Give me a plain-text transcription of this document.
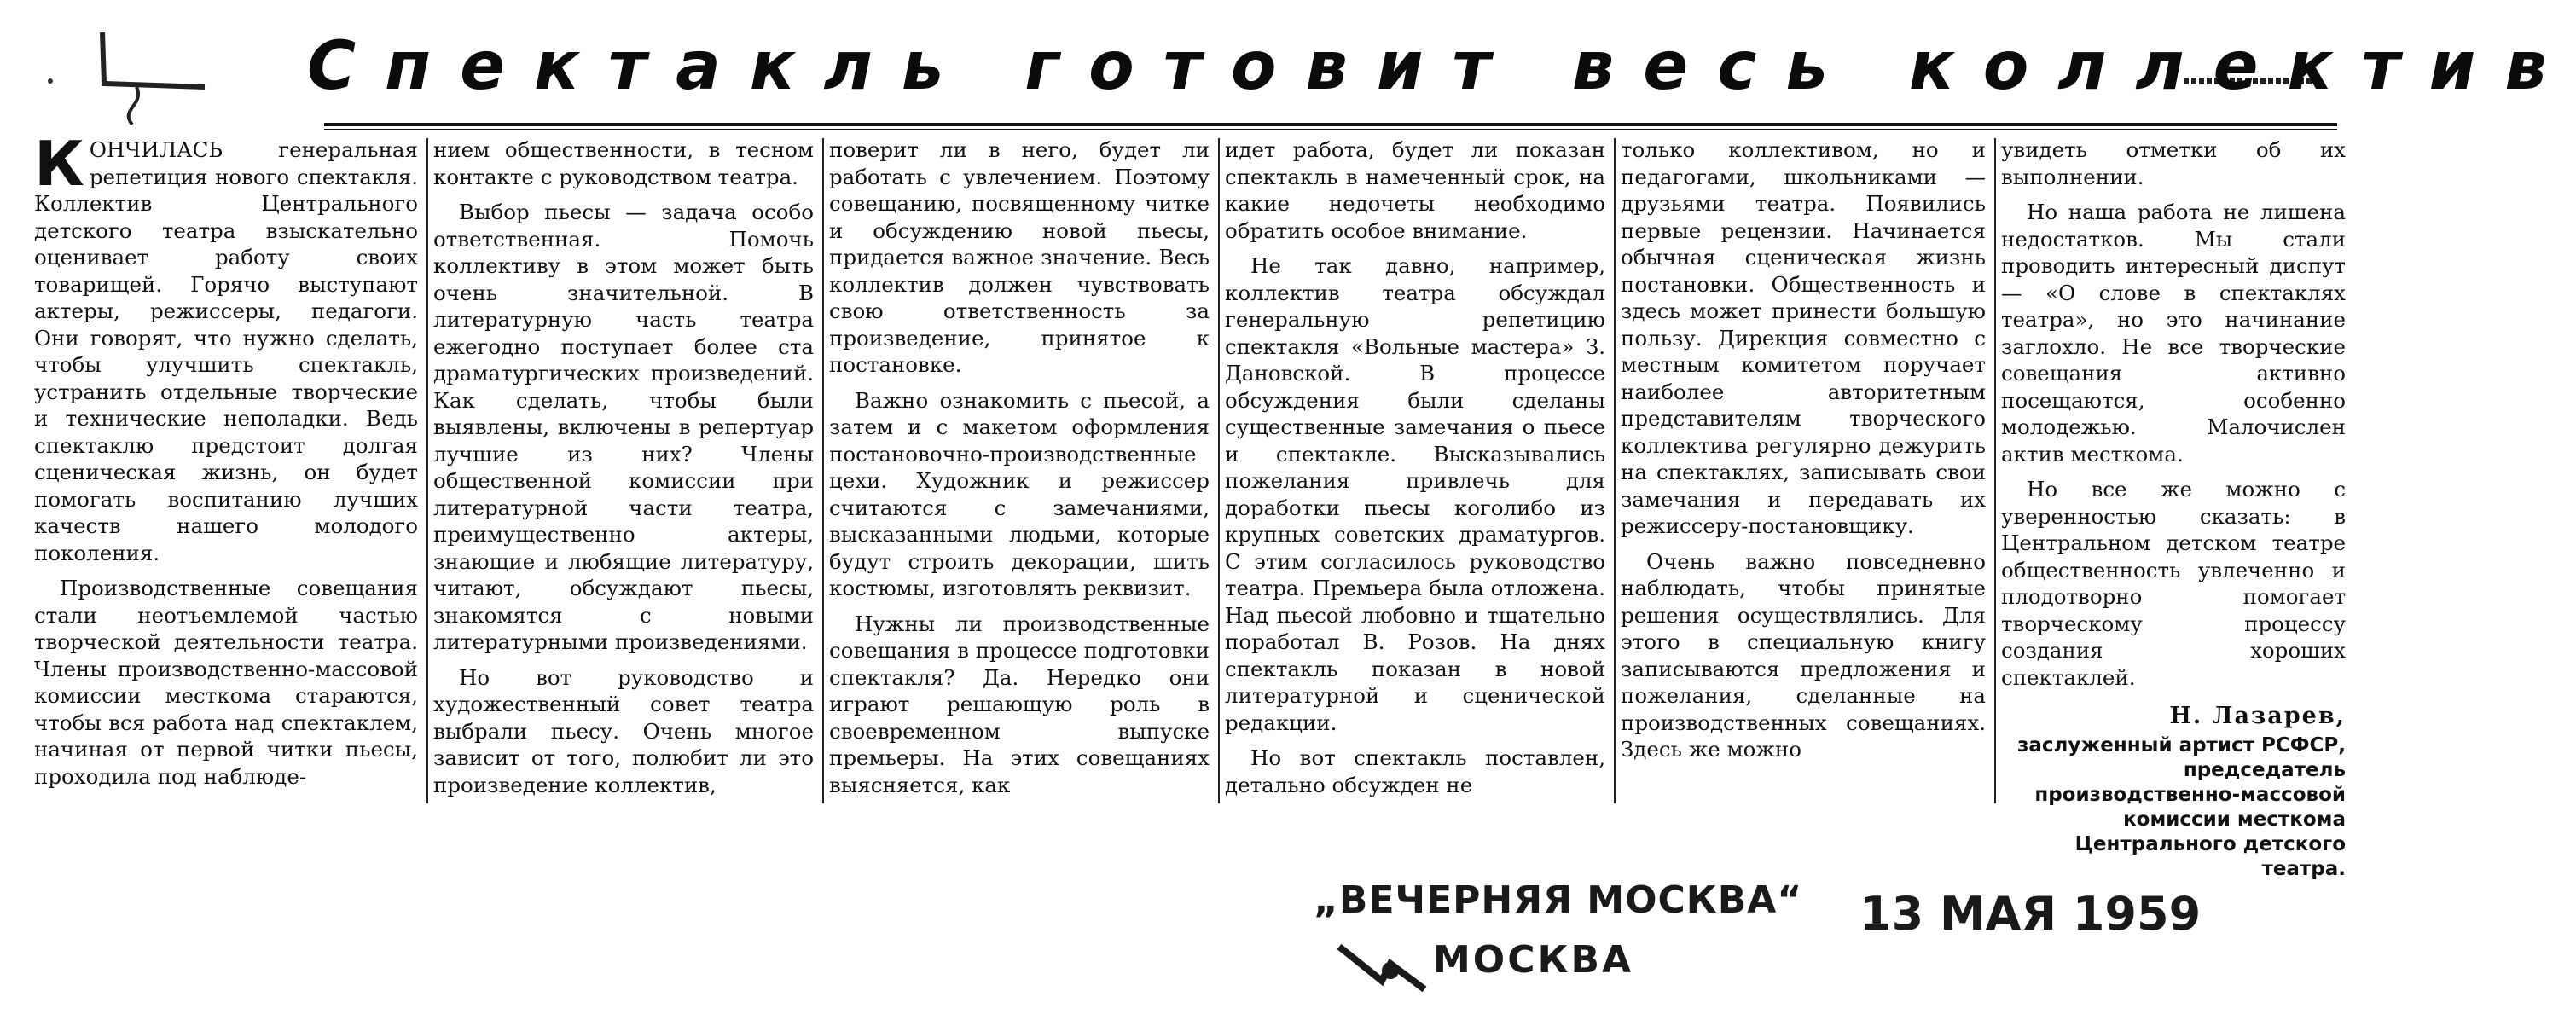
Спектакль готовит весь коллектив

КОНЧИЛАСЬ генеральная репетиция нового спектакля. Коллектив Центрального детского театра взыскательно оценивает работу своих товарищей. Горячо выступают актеры, режиссеры, педагоги. Они говорят, что нужно сделать, чтобы улучшить спектакль, устранить отдельные творческие и технические неполадки. Ведь спектаклю предстоит долгая сценическая жизнь, он будет помогать воспитанию лучших качеств нашего молодого поколения.

Производственные совещания стали неотъемлемой частью творческой деятельности театра. Члены производственно-массовой комиссии месткома стараются, чтобы вся работа над спектаклем, начиная от первой читки пьесы, проходила под наблюде-

нием общественности, в тесном контакте с руководством театра.

Выбор пьесы — задача особо ответственная. Помочь коллективу в этом может быть очень значительной. В литературную часть театра ежегодно поступает более ста драматургических произведений. Как сделать, чтобы были выявлены, включены в репертуар лучшие из них? Члены общественной комиссии при литературной части театра, преимущественно актеры, знающие и любящие литературу, читают, обсуждают пьесы, знакомятся с новыми литературными произведениями.

Но вот руководство и художественный совет театра выбрали пьесу. Очень многое зависит от того, полюбит ли это произведение коллектив,

поверит ли в него, будет ли работать с увлечением. Поэтому совещанию, посвященному читке и обсуждению новой пьесы, придается важное значение. Весь коллектив должен чувствовать свою ответственность за произведение, принятое к постановке.

Важно ознакомить с пьесой, а затем и с макетом оформления постановочно-производственные цехи. Художник и режиссер считаются с замечаниями, высказанными людьми, которые будут строить декорации, шить костюмы, изготовлять реквизит.

Нужны ли производственные совещания в процессе подготовки спектакля? Да. Нередко они играют решающую роль в своевременном выпуске премьеры. На этих совещаниях выясняется, как

идет работа, будет ли показан спектакль в намеченный срок, на какие недочеты необходимо обратить особое внимание.

Не так давно, например, коллектив театра обсуждал генеральную репетицию спектакля «Вольные мастера» З. Дановской. В процессе обсуждения были сделаны существенные замечания о пьесе и спектакле. Высказывались пожелания привлечь для доработки пьесы коголибо из крупных советских драматургов. С этим согласилось руководство театра. Премьера была отложена. Над пьесой любовно и тщательно поработал В. Розов. На днях спектакль показан в новой литературной и сценической редакции.

Но вот спектакль поставлен, детально обсужден не

только коллективом, но и педагогами, школьниками — друзьями театра. Появились первые рецензии. Начинается обычная сценическая жизнь постановки. Общественность и здесь может принести большую пользу. Дирекция совместно с местным комитетом поручает наиболее авторитетным представителям творческого коллектива регулярно дежурить на спектаклях, записывать свои замечания и передавать их режиссеру-постановщику.

Очень важно повседневно наблюдать, чтобы принятые решения осуществлялись. Для этого в специальную книгу записываются предложения и пожелания, сделанные на производственных совещаниях. Здесь же можно

увидеть отметки об их выполнении.

Но наша работа не лишена недостатков. Мы стали проводить интересный диспут — «О слове в спектаклях театра», но это начинание заглохло. Не все творческие совещания активно посещаются, особенно молодежью. Малочислен актив месткома.

Но все же можно с уверенностью сказать: в Центральном детском театре общественность увлеченно и плодотворно помогает творческому процессу создания хороших спектаклей.

Н. Лазарев,
заслуженный артист РСФСР, председатель производственно-массовой комиссии месткома Центрального детского театра.
„ВЕЧЕРНЯЯ МОСКВА“
МОСКВА
13 МАЯ 1959
